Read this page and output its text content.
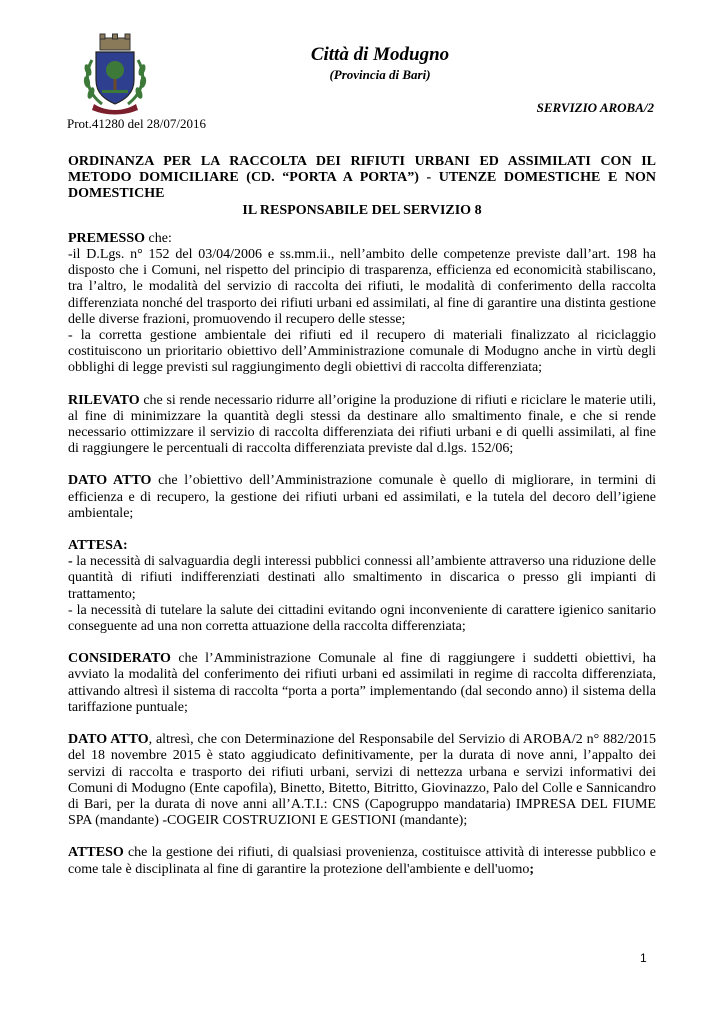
Città di Modugno
(Provincia di Bari)
SERVIZIO AROBA/2
Prot.41280 del 28/07/2016
ORDINANZA PER LA RACCOLTA DEI RIFIUTI URBANI ED ASSIMILATI CON IL METODO DOMICILIARE (CD. “PORTA A PORTA”) - UTENZE DOMESTICHE E NON DOMESTICHE
IL RESPONSABILE DEL SERVIZIO 8

PREMESSO che:

-il D.Lgs. n° 152 del 03/04/2006 e ss.mm.ii., nell’ambito delle competenze previste dall’art. 198 ha disposto che i Comuni, nel rispetto del principio di trasparenza, efficienza ed economicità stabiliscano, tra l’altro, le modalità del servizio di raccolta dei rifiuti, le modalità di conferimento della raccolta differenziata nonché del trasporto dei rifiuti urbani ed assimilati, al fine di garantire una distinta gestione delle diverse frazioni, promuovendo il recupero delle stesse;

- la corretta gestione ambientale dei rifiuti ed il recupero di materiali finalizzato al riciclaggio costituiscono un prioritario obiettivo dell’Amministrazione comunale di Modugno anche in virtù degli obblighi di legge previsti sul raggiungimento degli obiettivi di raccolta differenziata;

RILEVATO che si rende necessario ridurre all’origine la produzione di rifiuti e riciclare le materie utili, al fine di minimizzare la quantità degli stessi da destinare allo smaltimento finale, e che si rende necessario ottimizzare il servizio di raccolta differenziata dei rifiuti urbani e di quelli assimilati, al fine di raggiungere le percentuali di raccolta differenziata previste dal d.lgs. 152/06;

DATO ATTO che l’obiettivo dell’Amministrazione comunale è quello di migliorare, in termini di efficienza e di recupero, la gestione dei rifiuti urbani ed assimilati, e la tutela del decoro dell’igiene ambientale;

ATTESA:

- la necessità di salvaguardia degli interessi pubblici connessi all’ambiente attraverso una riduzione delle quantità di rifiuti indifferenziati destinati allo smaltimento in discarica o presso gli impianti di trattamento;

- la necessità di tutelare la salute dei cittadini evitando ogni inconveniente di carattere igienico sanitario conseguente ad una non corretta attuazione della raccolta differenziata;

CONSIDERATO che l’Amministrazione Comunale al fine di raggiungere i suddetti obiettivi, ha avviato la modalità del conferimento dei rifiuti urbani ed assimilati in regime di raccolta differenziata, attivando altresì il sistema di raccolta “porta a porta” implementando (dal secondo anno) il sistema della tariffazione puntuale;

DATO ATTO, altresì, che con Determinazione del Responsabile del Servizio di AROBA/2 n° 882/2015 del 18 novembre 2015 è stato aggiudicato definitivamente, per la durata di nove anni, l’appalto dei servizi di raccolta e trasporto dei rifiuti urbani, servizi di nettezza urbana e servizi informativi dei Comuni di Modugno (Ente capofila), Binetto, Bitetto, Bitritto, Giovinazzo, Palo del Colle e Sannicandro di Bari, per la durata di nove anni all’A.T.I.: CNS (Capogruppo mandataria) IMPRESA DEL FIUME SPA (mandante) -COGEIR COSTRUZIONI E GESTIONI (mandante);

ATTESO che la gestione dei rifiuti, di qualsiasi provenienza, costituisce attività di interesse pubblico e come tale è disciplinata al fine di garantire la protezione dell'ambiente e dell'uomo;

1
